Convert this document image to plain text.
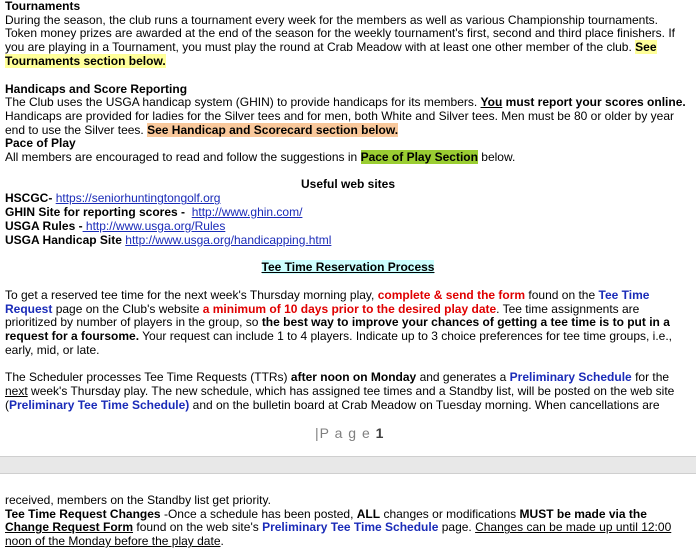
Tournaments

During the season, the club runs a tournament every week for the members as well as various Championship tournaments. Token money prizes are awarded at the end of the season for the weekly tournament's first, second and third place finishers. If you are playing in a Tournament, you must play the round at Crab Meadow with at least one other member of the club. See Tournaments section below.

Handicaps and Score Reporting

The Club uses the USGA handicap system (GHIN) to provide handicaps for its members. You must report your scores online. Handicaps are provided for ladies for the Silver tees and for men, both White and Silver tees. Men must be 80 or older by year end to use the Silver tees. See Handicap and Scorecard section below.

Pace of Play

All members are encouraged to read and follow the suggestions in Pace of Play Section below.

Useful web sites

HSCGC- https://seniorhuntingtongolf.org

GHIN Site for reporting scores - http://www.ghin.com/

USGA Rules - http://www.usga.org/Rules

USGA Handicap Site http://www.usga.org/handicapping.html

Tee Time Reservation Process

To get a reserved tee time for the next week's Thursday morning play, complete & send the form found on the Tee Time Request page on the Club's website a minimum of 10 days prior to the desired play date. Tee time assignments are prioritized by number of players in the group, so the best way to improve your chances of getting a tee time is to put in a request for a foursome. Your request can include 1 to 4 players. Indicate up to 3 choice preferences for tee time groups, i.e., early, mid, or late.

The Scheduler processes Tee Time Requests (TTRs) after noon on Monday and generates a Preliminary Schedule for the next week's Thursday play. The new schedule, which has assigned tee times and a Standby list, will be posted on the web site (Preliminary Tee Time Schedule) and on the bulletin board at Crab Meadow on Tuesday morning. When cancellations are

|P a g e 1

received, members on the Standby list get priority.

Tee Time Request Changes -Once a schedule has been posted, ALL changes or modifications MUST be made via the Change Request Form found on the web site's Preliminary Tee Time Schedule page. Changes can be made up until 12:00 noon of the Monday before the play date.
